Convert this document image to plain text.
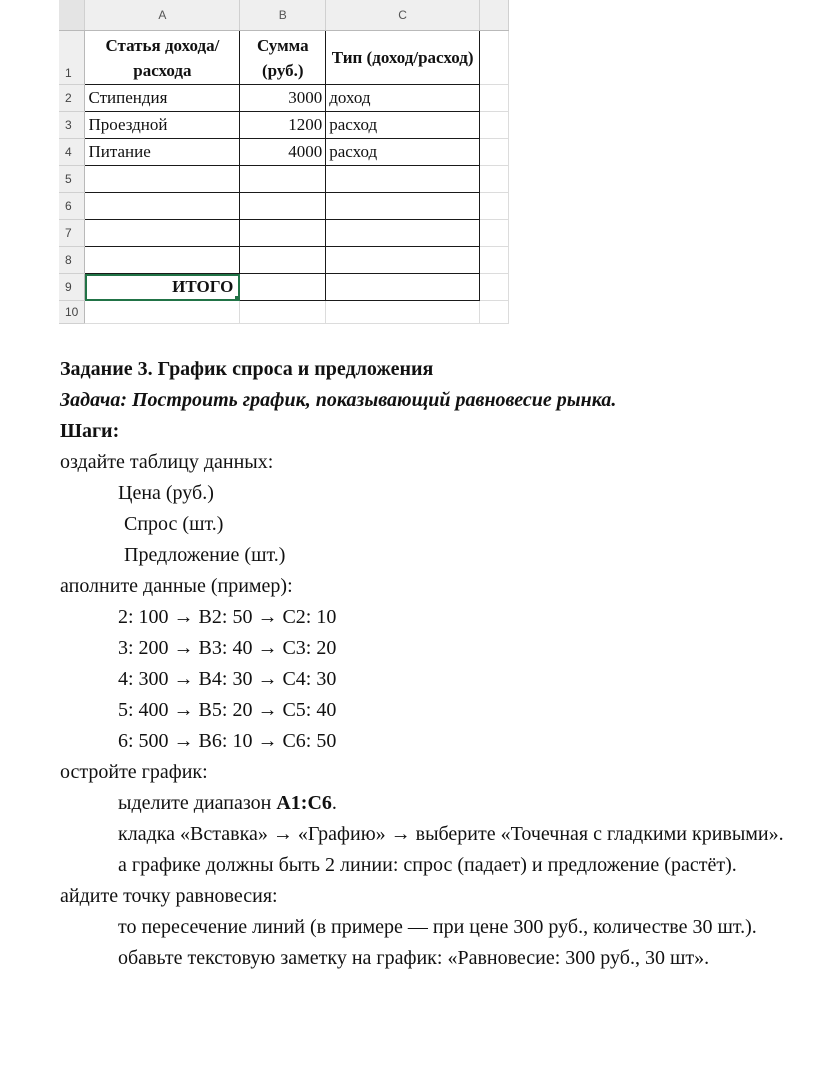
	A	B	C	
1	Статья дохода/расхода	Сумма (руб.)	Тип (доход/расход)	
2	Стипендия	3000	доход	
3	Проездной	1200	расход	
4	Питание	4000	расход	
5				
6				
7				
8				
9	ИТОГО

10				

Задание 3. График спроса и предложения

Задача: Построить график, показывающий равновесие рынка.

Шаги:

оздайте таблицу данных:

Цена (руб.)

Спрос (шт.)

Предложение (шт.)

аполните данные (пример):

2: 100 → B2: 50 → C2: 10

3: 200 → B3: 40 → C3: 20

4: 300 → B4: 30 → C4: 30

5: 400 → B5: 20 → C5: 40

6: 500 → B6: 10 → C6: 50

остройте график:

ыделите диапазон A1:C6.

кладка «Вставка» → «Графию» → выберите «Точечная с гладкими кривыми».

а графике должны быть 2 линии: спрос (падает) и предложение (растёт).

айдите точку равновесия:

то пересечение линий (в примере — при цене 300 руб., количестве 30 шт.).

обавьте текстовую заметку на график: «Равновесие: 300 руб., 30 шт».
